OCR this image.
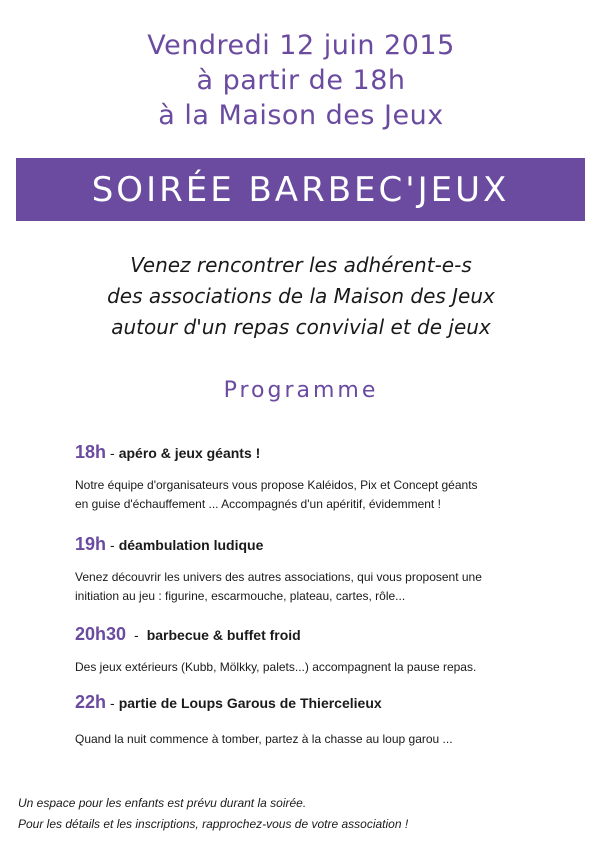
Vendredi 12 juin 2015
à partir de 18h
à la Maison des Jeux
SOIRÉE BARBEC'JEUX
Venez rencontrer les adhérent-e-s
des associations de la Maison des Jeux
autour d'un repas convivial et de jeux
Programme
18h - apéro & jeux géants !
Notre équipe d'organisateurs vous propose Kaléidos, Pix et Concept géants
en guise d'échauffement ... Accompagnés d'un apéritif, évidemment !
19h - déambulation ludique
Venez découvrir les univers des autres associations, qui vous proposent une
initiation au jeu : figurine, escarmouche, plateau, cartes, rôle...
20h30 - barbecue & buffet froid
Des jeux extérieurs (Kubb, Mölkky, palets...) accompagnent la pause repas.
22h - partie de Loups Garous de Thiercelieux
Quand la nuit commence à tomber, partez à la chasse au loup garou ...
Un espace pour les enfants est prévu durant la soirée.
Pour les détails et les inscriptions, rapprochez-vous de votre association !
